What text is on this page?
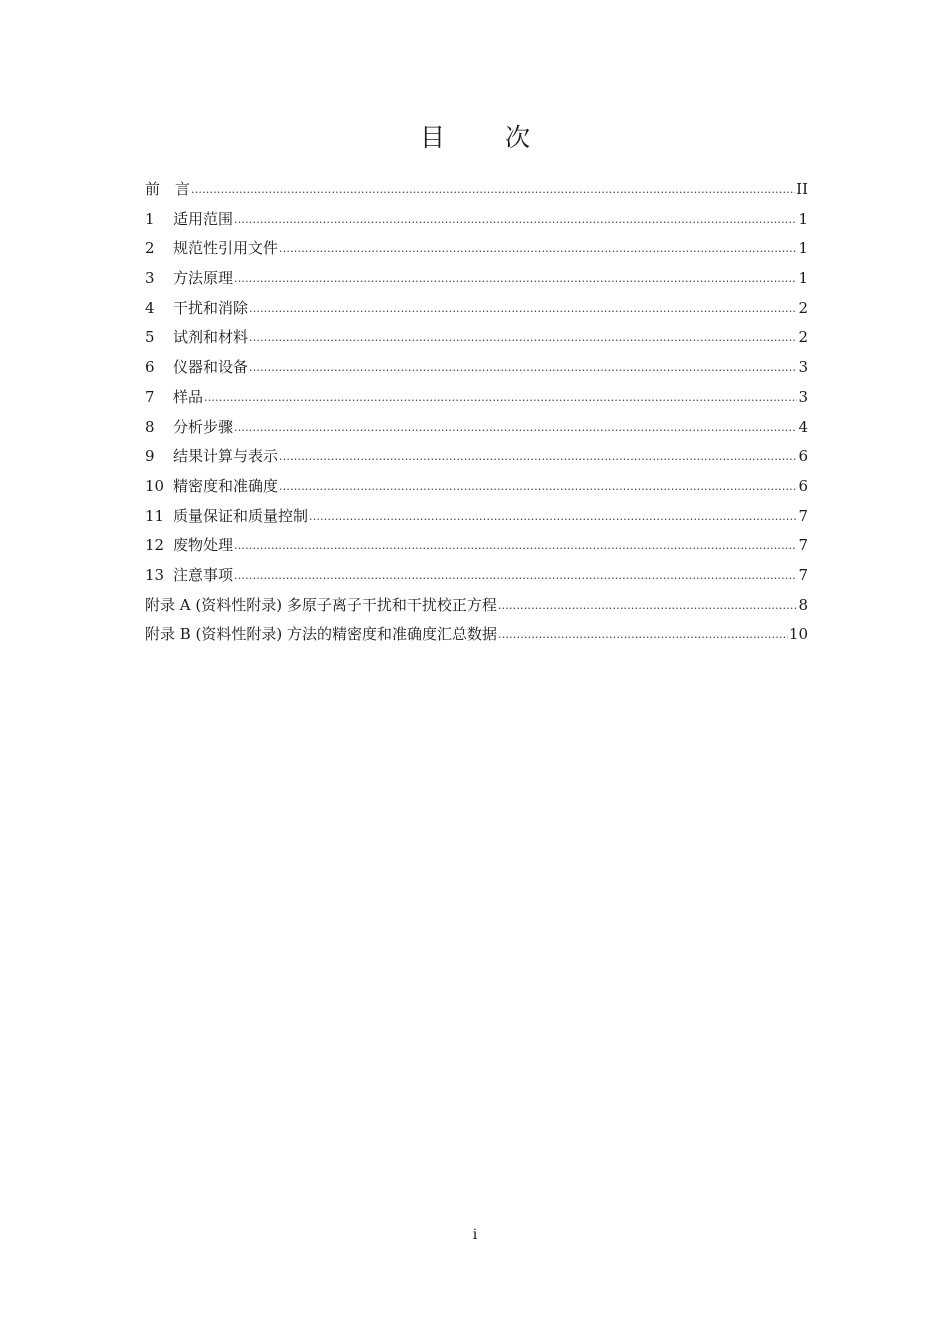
目 次
前　言 .....	II
1	适用范围 .....	1
2	规范性引用文件 .....	1
3	方法原理 .....	1
4	干扰和消除 .....	2
5	试剂和材料 .....	2
6	仪器和设备 .....	3
7	样品 .....	3
8	分析步骤 .....	4
9	结果计算与表示 .....	6
10 精密度和准确度 .....	6
11 质量保证和质量控制 .....	7
12 废物处理 .....	7
13 注意事项 .....	7
附录 A (资料性附录) 多原子离子干扰和干扰校正方程 .....	8
附录 B (资料性附录) 方法的精密度和准确度汇总数据 .....	10
i
